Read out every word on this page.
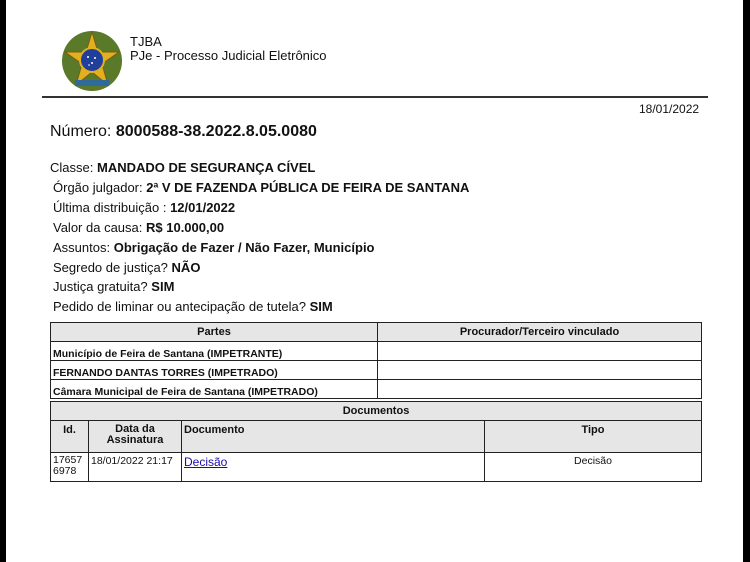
TJBA
PJe - Processo Judicial Eletrônico
18/01/2022
Número: 8000588-38.2022.8.05.0080
Classe: MANDADO DE SEGURANÇA CÍVEL
Órgão julgador: 2ª V DE FAZENDA PÚBLICA DE FEIRA DE SANTANA
Última distribuição : 12/01/2022
Valor da causa: R$ 10.000,00
Assuntos: Obrigação de Fazer / Não Fazer, Município
Segredo de justiça? NÃO
Justiça gratuita? SIM
Pedido de liminar ou antecipação de tutela? SIM
Partes	Procurador/Terceiro vinculado
Município de Feira de Santana (IMPETRANTE)	
FERNANDO DANTAS TORRES (IMPETRADO)	
Câmara Municipal de Feira de Santana (IMPETRADO)	
Documentos			
Id.	Data da Assinatura	Documento	Tipo
17657 6978	18/01/2022 21:17	Decisão	Decisão
